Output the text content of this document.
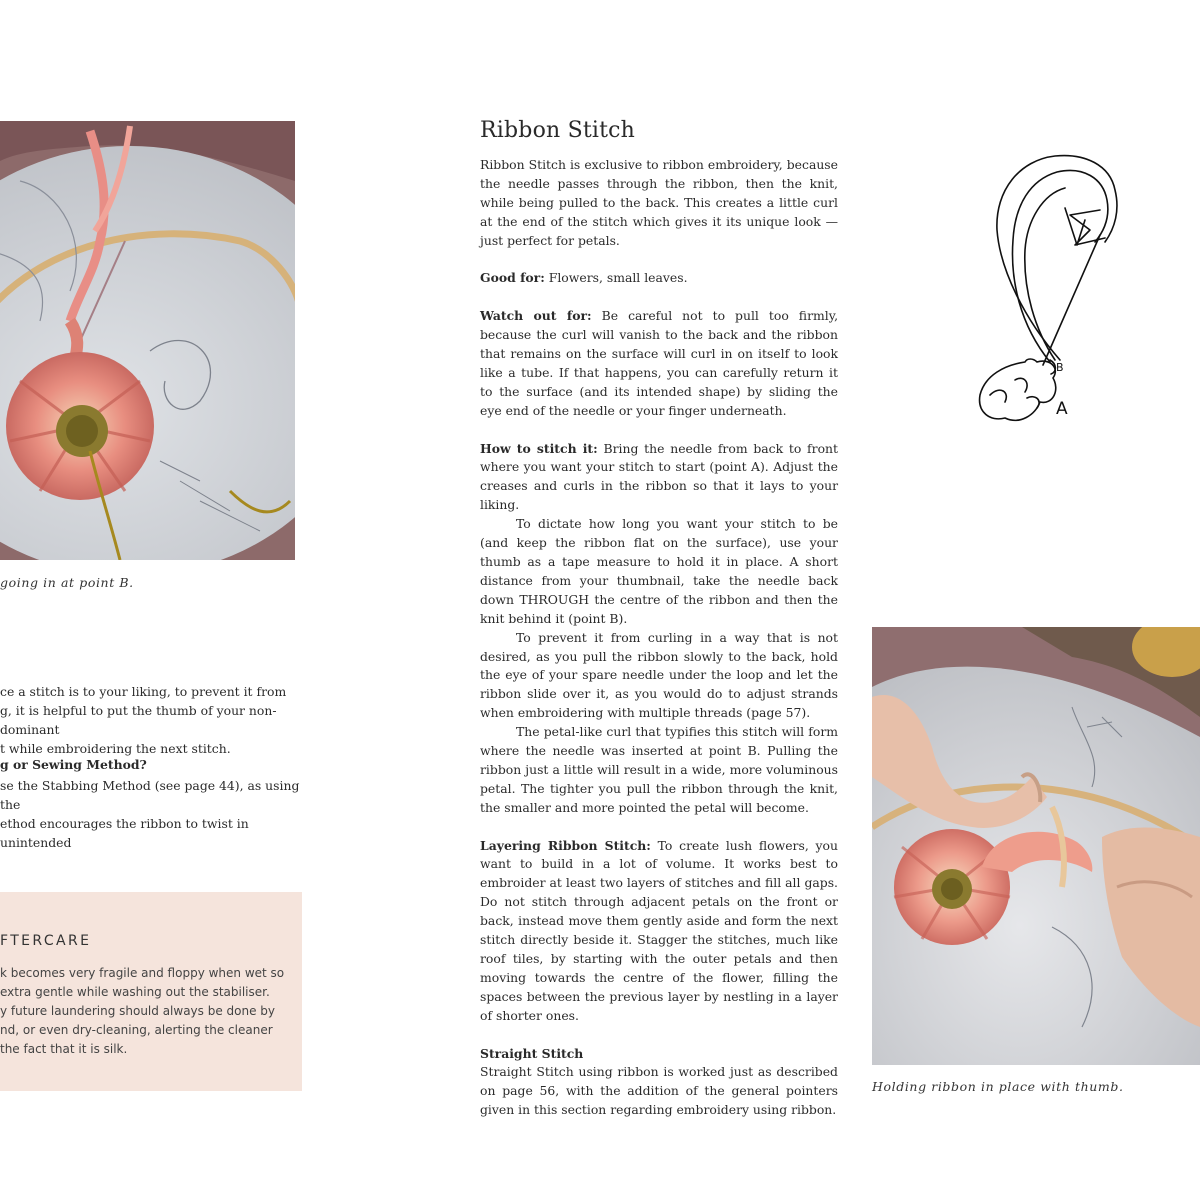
going in at point B.

ce a stitch is to your liking, to prevent it from

g, it is helpful to put the thumb of your non-dominant

t while embroidering the next stitch.

g or Sewing Method?

se the Stabbing Method (see page 44), as using the

ethod encourages the ribbon to twist in unintended

FTERCARE
k becomes very fragile and floppy when wet so
extra gentle while washing out the stabiliser.
y future laundering should always be done by
nd, or even dry-cleaning, alerting the cleaner
the fact that it is silk.
Ribbon Stitch

Ribbon Stitch is exclusive to ribbon embroidery, because the needle passes through the ribbon, then the knit, while being pulled to the back. This creates a little curl at the end of the stitch which gives it its unique look — just perfect for petals.

Good for: Flowers, small leaves.

Watch out for: Be careful not to pull too firmly, because the curl will vanish to the back and the ribbon that remains on the surface will curl in on itself to look like a tube. If that happens, you can carefully return it to the surface (and its intended shape) by sliding the eye end of the needle or your finger underneath.

How to stitch it: Bring the needle from back to front where you want your stitch to start (point A). Adjust the creases and curls in the ribbon so that it lays to your liking.

To dictate how long you want your stitch to be (and keep the ribbon flat on the surface), use your thumb as a tape measure to hold it in place. A short distance from your thumbnail, take the needle back down THROUGH the centre of the ribbon and then the knit behind it (point B).

To prevent it from curling in a way that is not desired, as you pull the ribbon slowly to the back, hold the eye of your spare needle under the loop and let the ribbon slide over it, as you would do to adjust strands when embroidering with multiple threads (page 57).

The petal-like curl that typifies this stitch will form where the needle was inserted at point B. Pulling the ribbon just a little will result in a wide, more voluminous petal. The tighter you pull the ribbon through the knit, the smaller and more pointed the petal will become.

Layering Ribbon Stitch: To create lush flowers, you want to build in a lot of volume. It works best to embroider at least two layers of stitches and fill all gaps. Do not stitch through adjacent petals on the front or back, instead move them gently aside and form the next stitch directly beside it. Stagger the stitches, much like roof tiles, by starting with the outer petals and then moving towards the centre of the flower, filling the spaces between the previous layer by nestling in a layer of shorter ones.

Straight Stitch

Straight Stitch using ribbon is worked just as described on page 56, with the addition of the general pointers given in this section regarding embroidery using ribbon.

A
B
Holding ribbon in place with thumb.
